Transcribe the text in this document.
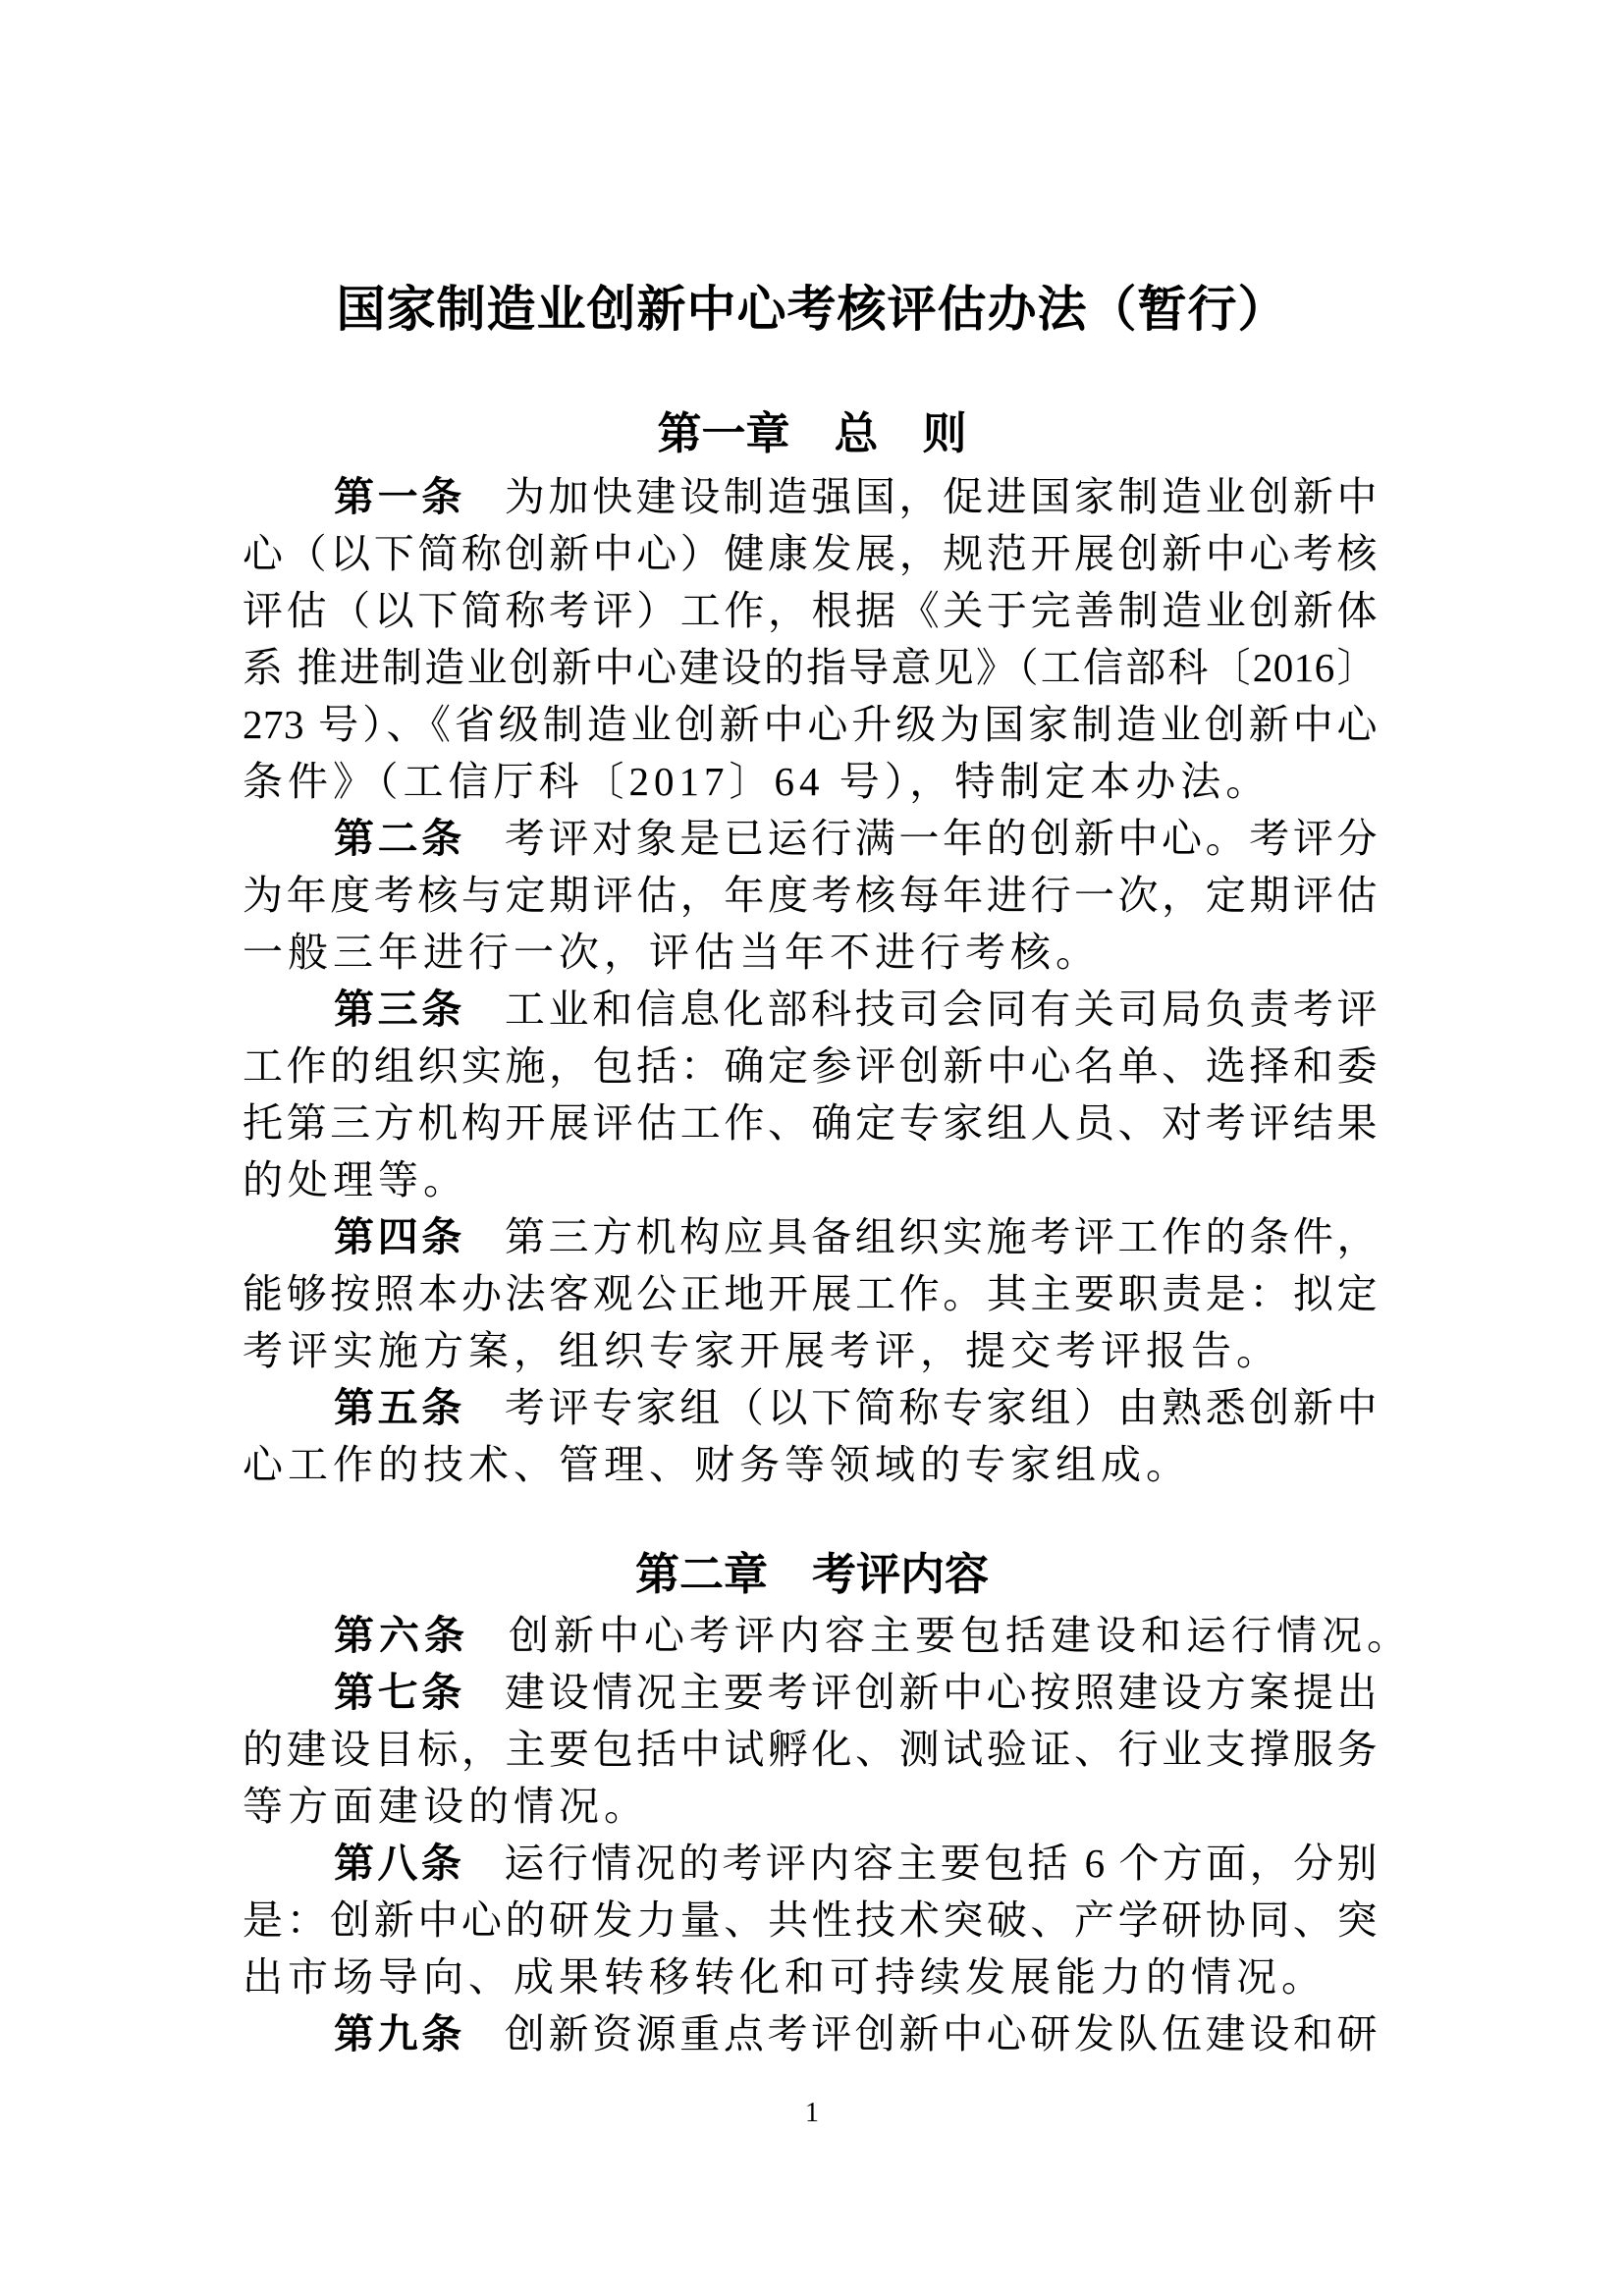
国家制造业创新中心考核评估办法（暂行）
第一章　总　则
第一条 为加快建设制造强国，促进国家制造业创新中
心（以下简称创新中心）健康发展，规范开展创新中心考核
评估（以下简称考评）工作，根据《关于完善制造业创新体
系 推进制造业创新中心建设的指导意见》（工信部科〔2016〕
273 号）、《省级制造业创新中心升级为国家制造业创新中心
条件》（工信厅科〔2017〕64 号），特制定本办法。
第二条 考评对象是已运行满一年的创新中心。考评分
为年度考核与定期评估，年度考核每年进行一次，定期评估
一般三年进行一次，评估当年不进行考核。
第三条 工业和信息化部科技司会同有关司局负责考评
工作的组织实施，包括：确定参评创新中心名单、选择和委
托第三方机构开展评估工作、确定专家组人员、对考评结果
的处理等。
第四条 第三方机构应具备组织实施考评工作的条件，
能够按照本办法客观公正地开展工作。其主要职责是：拟定
考评实施方案，组织专家开展考评，提交考评报告。
第五条 考评专家组（以下简称专家组）由熟悉创新中
心工作的技术、管理、财务等领域的专家组成。
第二章　考评内容
第六条 创新中心考评内容主要包括建设和运行情况。
第七条 建设情况主要考评创新中心按照建设方案提出
的建设目标，主要包括中试孵化、测试验证、行业支撑服务
等方面建设的情况。
第八条 运行情况的考评内容主要包括 6 个方面，分别
是：创新中心的研发力量、共性技术突破、产学研协同、突
出市场导向、成果转移转化和可持续发展能力的情况。
第九条 创新资源重点考评创新中心研发队伍建设和研
1
